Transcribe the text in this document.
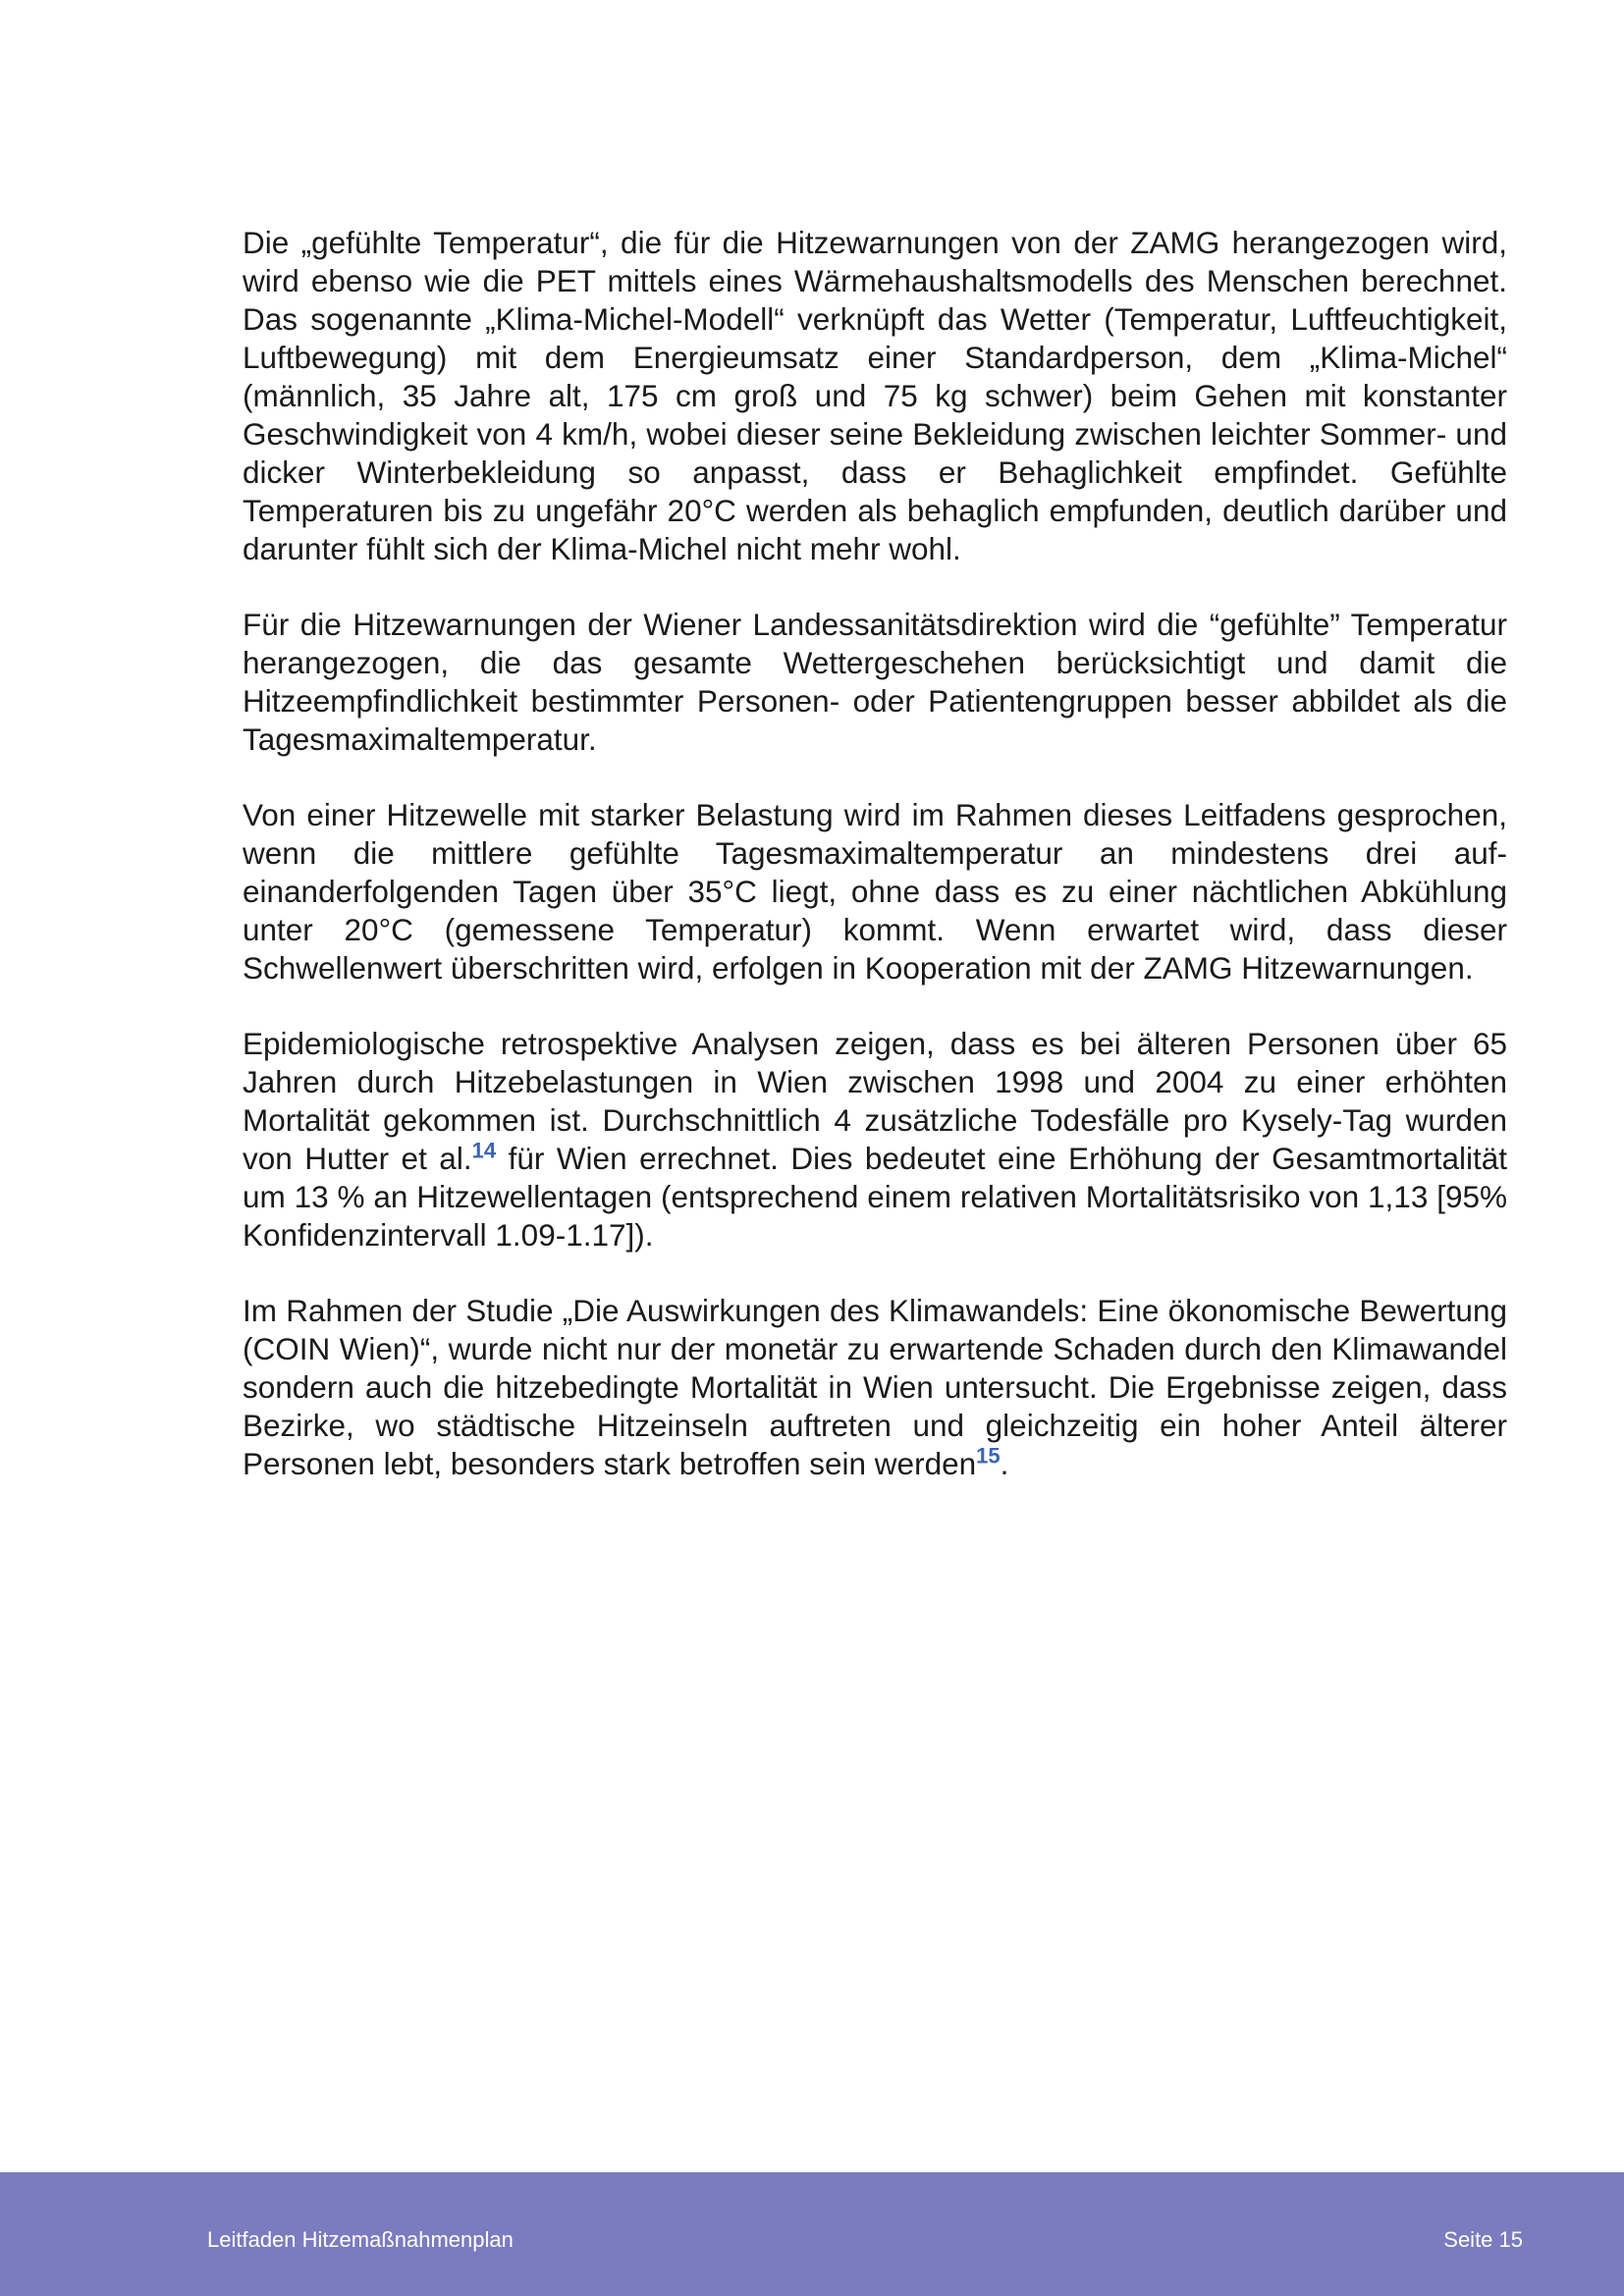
Die „gefühlte Temperatur“, die für die Hitzewarnungen von der ZAMG herangezogen wird, wird ebenso wie die PET mittels eines Wärmehaushaltsmodells des Menschen berechnet. Das sogenannte „Klima-Michel-Modell“ verknüpft das Wetter (Temperatur, Luftfeuchtigkeit, Luftbewegung) mit dem Energieumsatz einer Standardperson, dem „Klima-Michel“ (männlich, 35 Jahre alt, 175 cm groß und 75 kg schwer) beim Gehen mit konstanter Geschwindigkeit von 4 km/h, wobei dieser seine Bekleidung zwischen leichter Sommer- und dicker Winterbekleidung so anpasst, dass er Behaglichkeit empfindet. Gefühlte Temperaturen bis zu ungefähr 20°C werden als behaglich empfunden, deutlich darüber und darunter fühlt sich der Klima-Michel nicht mehr wohl.

Für die Hitzewarnungen der Wiener Landessanitätsdirektion wird die “gefühlte” Temperatur herangezogen, die das gesamte Wettergeschehen berücksichtigt und damit die Hitzeempfindlichkeit bestimmter Personen- oder Patientengruppen besser abbildet als die Tagesmaximaltemperatur.

Von einer Hitzewelle mit starker Belastung wird im Rahmen dieses Leitfadens gesprochen, wenn die mittlere gefühlte Tagesmaximaltemperatur an mindestens drei aufeinanderfolgenden Tagen über 35°C liegt, ohne dass es zu einer nächtlichen Abkühlung unter 20°C (gemessene Temperatur) kommt. Wenn erwartet wird, dass dieser Schwellenwert überschritten wird, erfolgen in Kooperation mit der ZAMG Hitzewarnungen.

Epidemiologische retrospektive Analysen zeigen, dass es bei älteren Personen über 65 Jahren durch Hitzebelastungen in Wien zwischen 1998 und 2004 zu einer erhöhten Mortalität gekommen ist. Durchschnittlich 4 zusätzliche Todesfälle pro Kysely-Tag wurden von Hutter et al.$^{14}$ für Wien errechnet. Dies bedeutet eine Erhöhung der Gesamtmortalität um 13 % an Hitzewellentagen (entsprechend einem relativen Mortalitätsrisiko von 1,13 [95% Konfidenzintervall 1.09-1.17]).

Im Rahmen der Studie „Die Auswirkungen des Klimawandels: Eine ökonomische Bewertung (COIN Wien)“, wurde nicht nur der monetär zu erwartende Schaden durch den Klimawandel sondern auch die hitzebedingte Mortalität in Wien untersucht. Die Ergebnisse zeigen, dass Bezirke, wo städtische Hitzeinseln auftreten und gleichzeitig ein hoher Anteil älterer Personen lebt, besonders stark betroffen sein werden$^{15}$.

Leitfaden Hitzemaßnahmenplan	Seite 15
